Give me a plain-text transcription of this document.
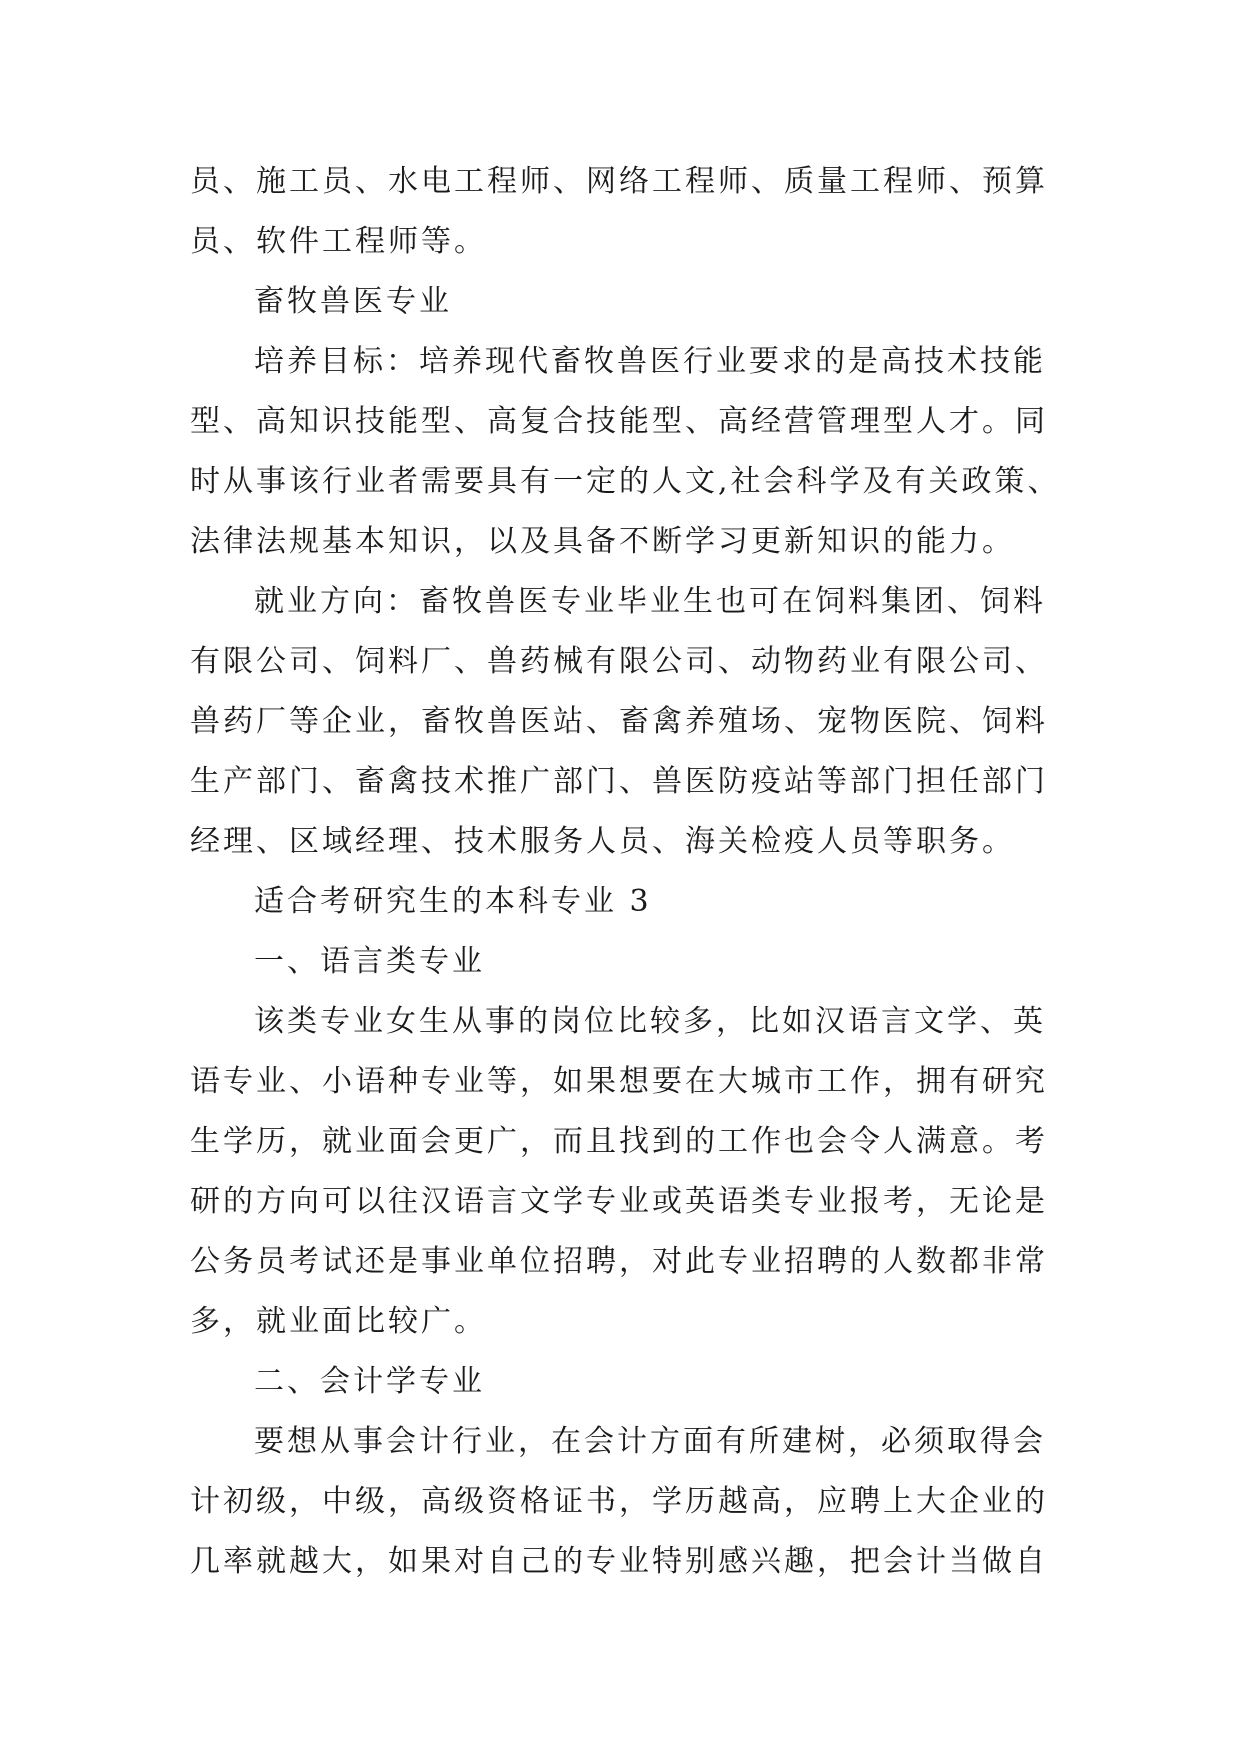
员、施工员、水电工程师、网络工程师、质量工程师、预算
员、软件工程师等。
畜牧兽医专业
培养目标：培养现代畜牧兽医行业要求的是高技术技能
型、高知识技能型、高复合技能型、高经营管理型人才。同
时从事该行业者需要具有一定的人文,社会科学及有关政策、
法律法规基本知识，以及具备不断学习更新知识的能力。
就业方向：畜牧兽医专业毕业生也可在饲料集团、饲料
有限公司、饲料厂、兽药械有限公司、动物药业有限公司、
兽药厂等企业，畜牧兽医站、畜禽养殖场、宠物医院、饲料
生产部门、畜禽技术推广部门、兽医防疫站等部门担任部门
经理、区域经理、技术服务人员、海关检疫人员等职务。
适合考研究生的本科专业 3
一、语言类专业
该类专业女生从事的岗位比较多，比如汉语言文学、英
语专业、小语种专业等，如果想要在大城市工作，拥有研究
生学历，就业面会更广，而且找到的工作也会令人满意。考
研的方向可以往汉语言文学专业或英语类专业报考，无论是
公务员考试还是事业单位招聘，对此专业招聘的人数都非常
多，就业面比较广。
二、会计学专业
要想从事会计行业，在会计方面有所建树，必须取得会
计初级，中级，高级资格证书，学历越高，应聘上大企业的
几率就越大，如果对自己的专业特别感兴趣，把会计当做自
